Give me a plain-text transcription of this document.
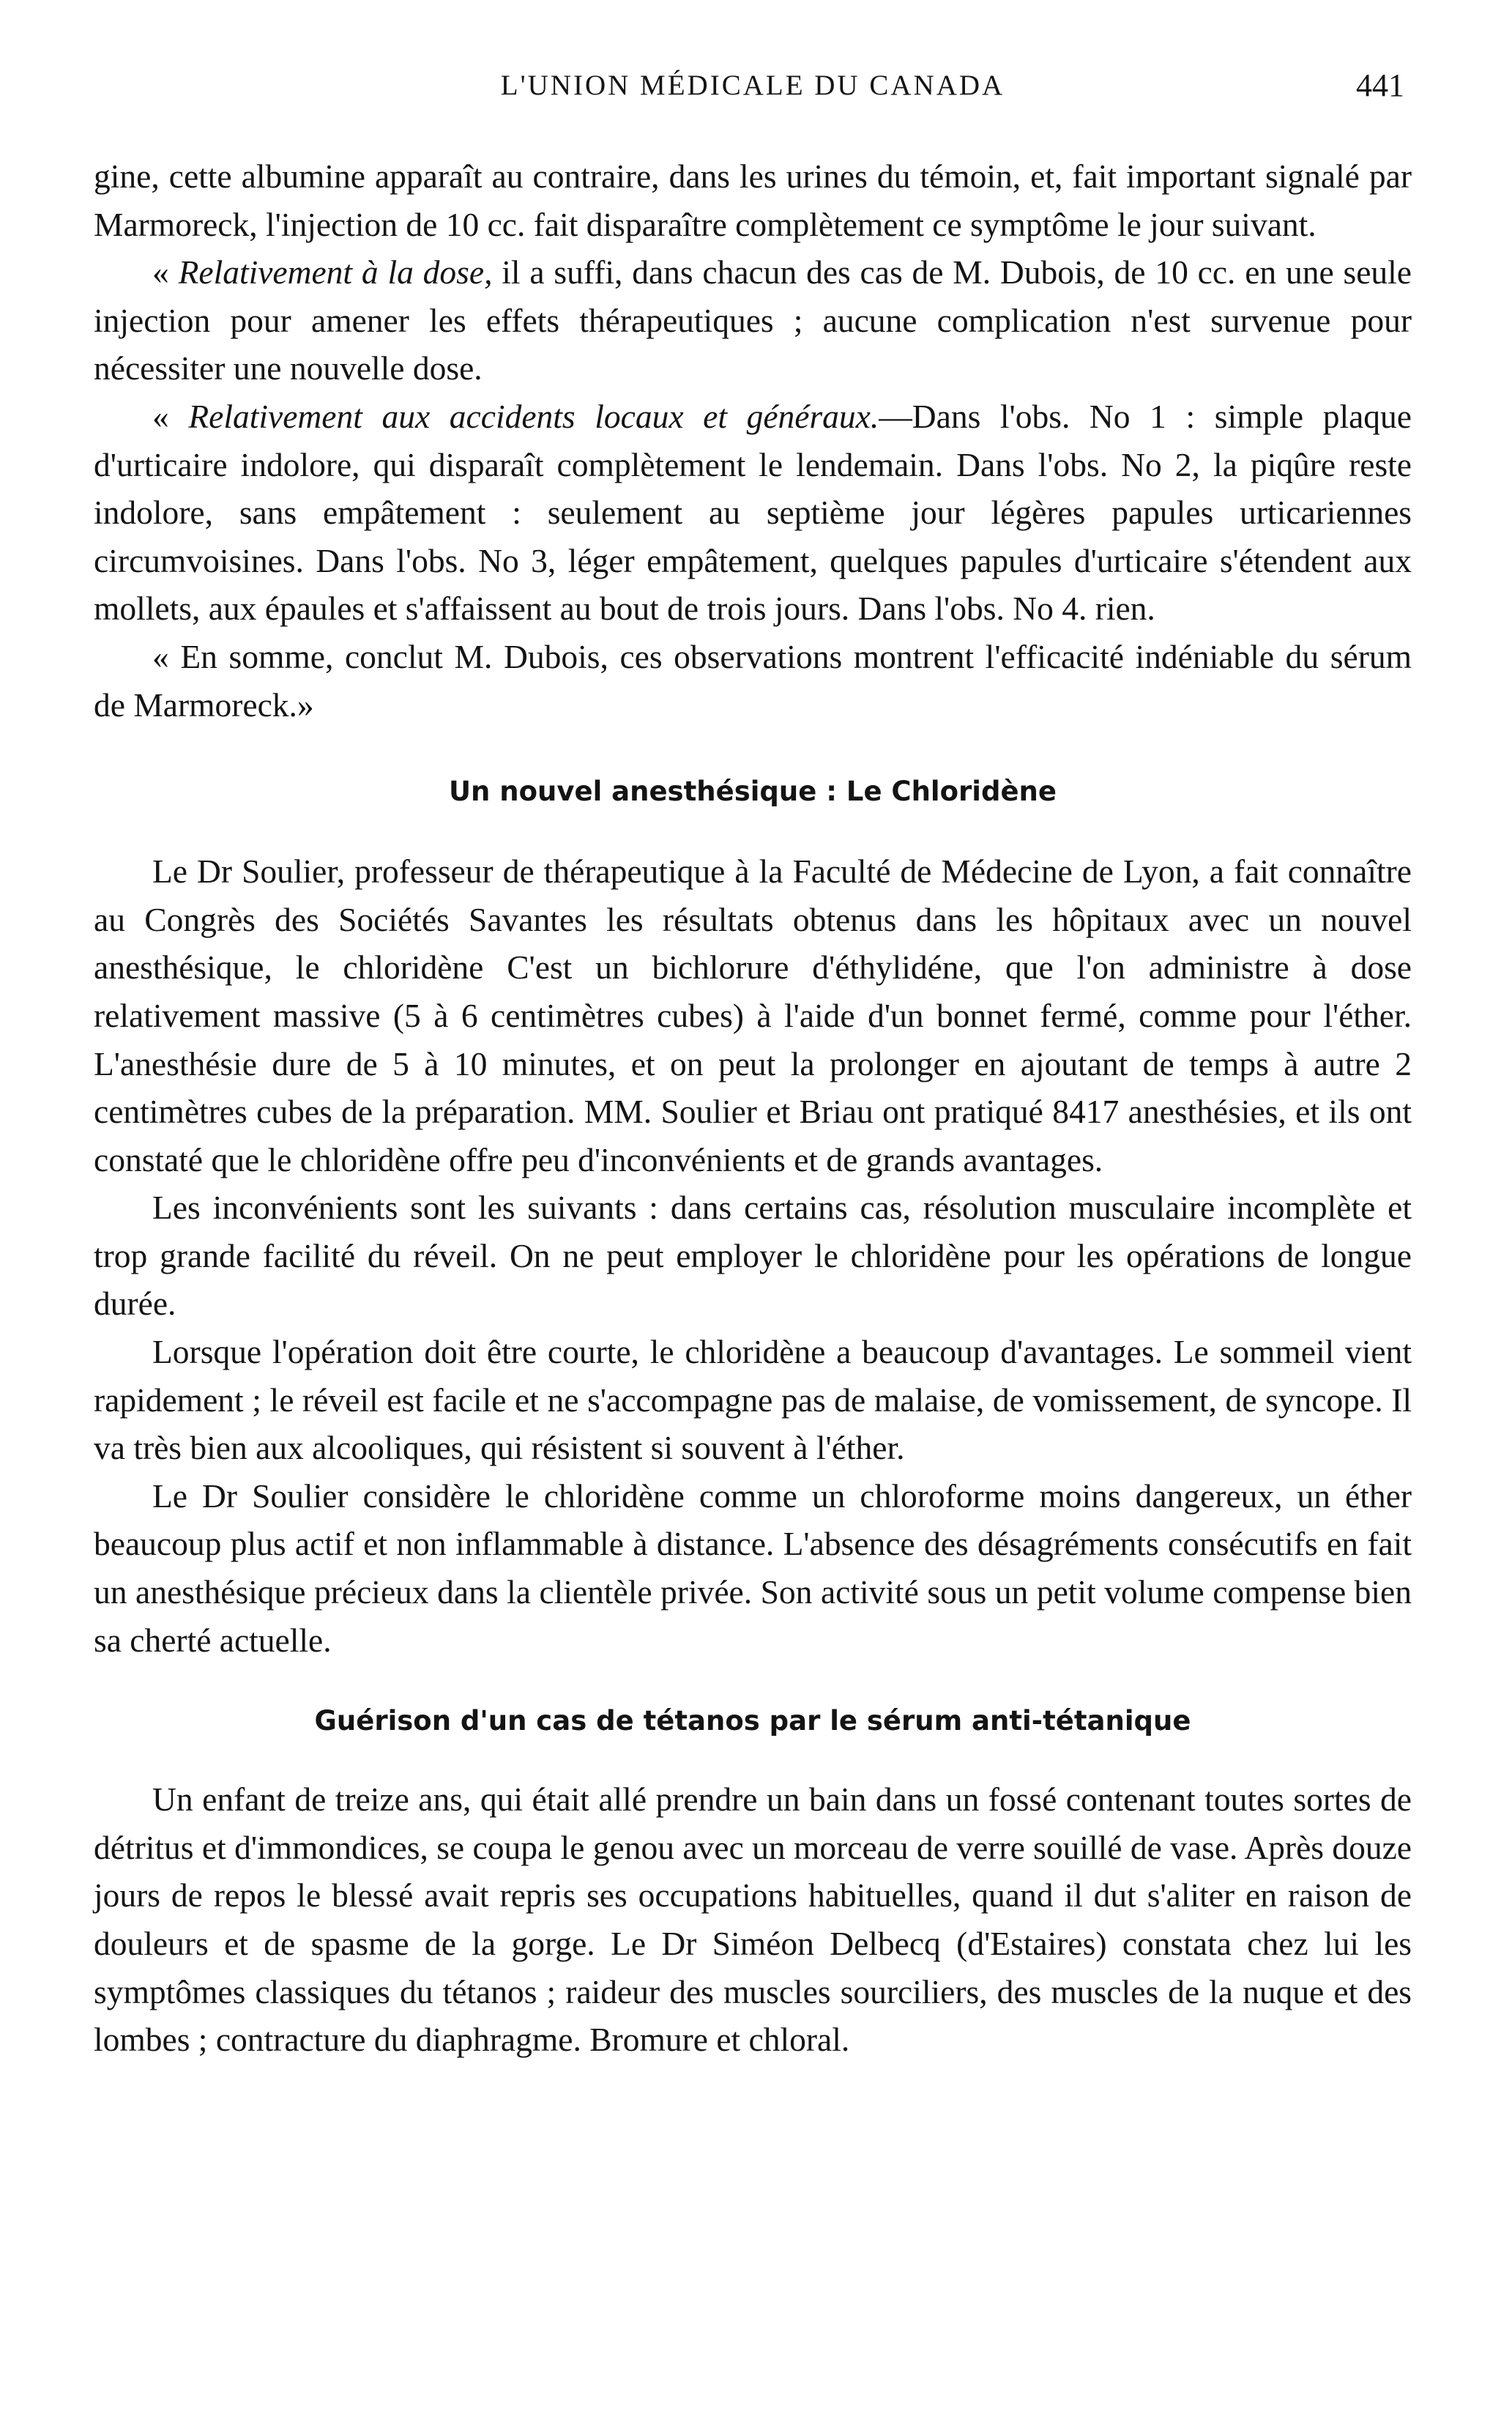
L'UNION MÉDICALE DU CANADA	441

gine, cette albumine apparaît au contraire, dans les urines du témoin, et, fait important signalé par Marmoreck, l'injection de 10 cc. fait disparaître complètement ce symptôme le jour suivant.

« Relativement à la dose, il a suffi, dans chacun des cas de M. Dubois, de 10 cc. en une seule injection pour amener les effets thérapeutiques ; aucune complication n'est survenue pour nécessiter une nouvelle dose.

« Relativement aux accidents locaux et généraux.—Dans l'obs. No 1 : simple plaque d'urticaire indolore, qui disparaît complètement le lendemain. Dans l'obs. No 2, la piqûre reste indolore, sans empâtement : seulement au septième jour légères papules urticariennes circumvoisines. Dans l'obs. No 3, léger empâtement, quelques papules d'urticaire s'étendent aux mollets, aux épaules et s'affaissent au bout de trois jours. Dans l'obs. No 4. rien.

« En somme, conclut M. Dubois, ces observations montrent l'efficacité indéniable du sérum de Marmoreck.»

Un nouvel anesthésique : Le Chloridène

Le Dr Soulier, professeur de thérapeutique à la Faculté de Médecine de Lyon, a fait connaître au Congrès des Sociétés Savantes les résultats obtenus dans les hôpitaux avec un nouvel anesthésique, le chloridène C'est un bichlorure d'éthylidéne, que l'on administre à dose relativement massive (5 à 6 centimètres cubes) à l'aide d'un bonnet fermé, comme pour l'éther. L'anesthésie dure de 5 à 10 minutes, et on peut la prolonger en ajoutant de temps à autre 2 centimètres cubes de la préparation. MM. Soulier et Briau ont pratiqué 8417 anesthésies, et ils ont constaté que le chloridène offre peu d'inconvénients et de grands avantages.

Les inconvénients sont les suivants : dans certains cas, résolution musculaire incomplète et trop grande facilité du réveil. On ne peut employer le chloridène pour les opérations de longue durée.

Lorsque l'opération doit être courte, le chloridène a beaucoup d'avantages. Le sommeil vient rapidement ; le réveil est facile et ne s'accompagne pas de malaise, de vomissement, de syncope. Il va très bien aux alcooliques, qui résistent si souvent à l'éther.

Le Dr Soulier considère le chloridène comme un chloroforme moins dangereux, un éther beaucoup plus actif et non inflammable à distance. L'absence des désagréments consécutifs en fait un anesthésique précieux dans la clientèle privée. Son activité sous un petit volume compense bien sa cherté actuelle.

Guérison d'un cas de tétanos par le sérum anti-tétanique

Un enfant de treize ans, qui était allé prendre un bain dans un fossé contenant toutes sortes de détritus et d'immondices, se coupa le genou avec un morceau de verre souillé de vase. Après douze jours de repos le blessé avait repris ses occupations habituelles, quand il dut s'aliter en raison de douleurs et de spasme de la gorge. Le Dr Siméon Delbecq (d'Estaires) constata chez lui les symptômes classiques du tétanos ; raideur des muscles sourciliers, des muscles de la nuque et des lombes ; contracture du diaphragme. Bromure et chloral.
